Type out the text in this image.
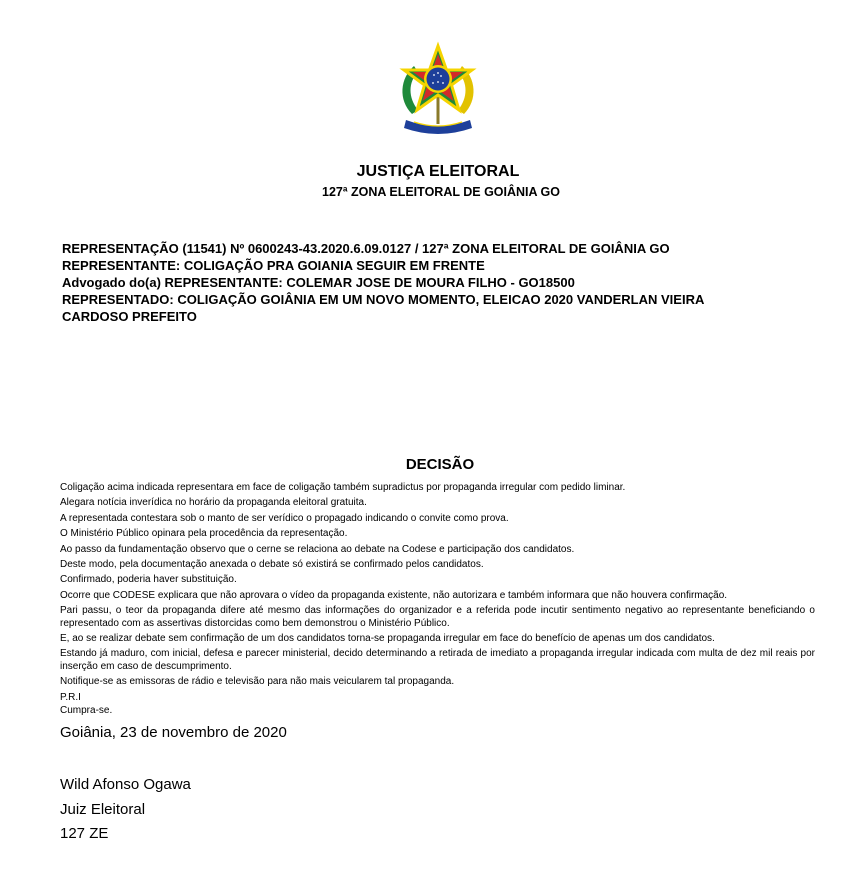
JUSTIÇA ELEITORAL
127ª ZONA ELEITORAL DE GOIÂNIA GO
REPRESENTAÇÃO (11541) Nº 0600243-43.2020.6.09.0127 / 127ª ZONA ELEITORAL DE GOIÂNIA GO
REPRESENTANTE: COLIGAÇÃO PRA GOIANIA SEGUIR EM FRENTE
Advogado do(a) REPRESENTANTE: COLEMAR JOSE DE MOURA FILHO - GO18500
REPRESENTADO: COLIGAÇÃO GOIÂNIA EM UM NOVO MOMENTO, ELEICAO 2020 VANDERLAN VIEIRA
CARDOSO PREFEITO
DECISÃO

Coligação acima indicada representara em face de coligação também supradictus por propaganda irregular com pedido liminar.

Alegara notícia inverídica no horário da propaganda eleitoral gratuita.

A representada contestara sob o manto de ser verídico o propagado indicando o convite como prova.

O Ministério Público opinara pela procedência da representação.

Ao passo da fundamentação observo que o cerne se relaciona ao debate na Codese e participação dos candidatos.

Deste modo, pela documentação anexada o debate só existirá se confirmado pelos candidatos.

Confirmado, poderia haver substituição.

Ocorre que CODESE explicara que não aprovara o vídeo da propaganda existente, não autorizara e também informara que não houvera confirmação.

Pari passu, o teor da propaganda difere até mesmo das informações do organizador e a referida pode incutir sentimento negativo ao representante beneficiando o representado com as assertivas distorcidas como bem demonstrou o Ministério Público.

E, ao se realizar debate sem confirmação de um dos candidatos torna-se propaganda irregular em face do benefício de apenas um dos candidatos.

Estando já maduro, com inicial, defesa e parecer ministerial, decido determinando a retirada de imediato a propaganda irregular indicada com multa de dez mil reais por inserção em caso de descumprimento.

Notifique-se as emissoras de rádio e televisão para não mais veicularem tal propaganda.

P.R.I

Cumpra-se.

Goiânia, 23 de novembro de 2020
Wild Afonso Ogawa
Juiz Eleitoral
127 ZE
